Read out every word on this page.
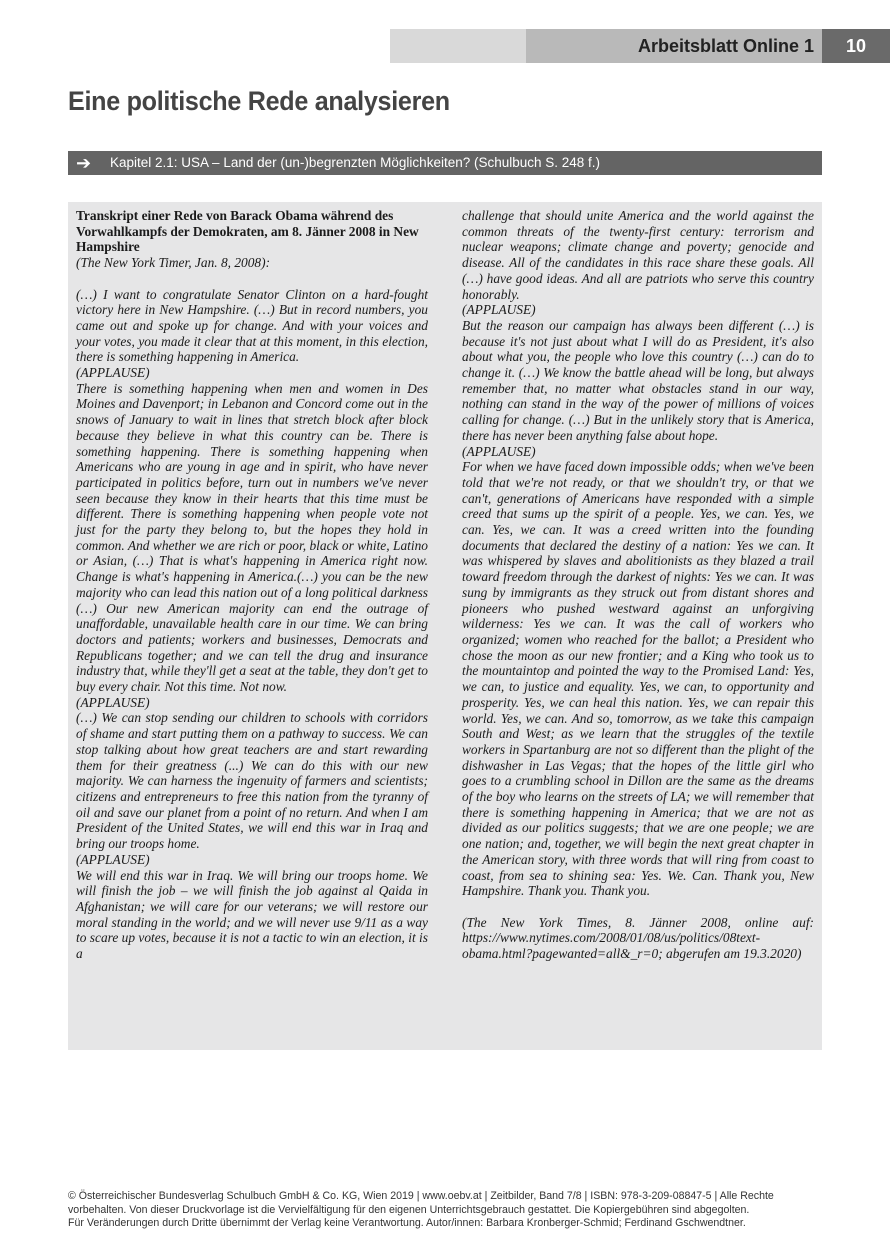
Arbeitsblatt Online 1	10
Eine politische Rede analysieren
➔ Kapitel 2.1: USA – Land der (un-)begrenzten Möglichkeiten? (Schulbuch S. 248 f.)

Transkript einer Rede von Barack Obama während des Vorwahlkampfs der Demokraten, am 8. Jänner 2008 in New Hampshire

(The New York Timer, Jan. 8, 2008):

(…) I want to congratulate Senator Clinton on a hard-fought victory here in New Hampshire. (…) But in record numbers, you came out and spoke up for change. And with your voices and your votes, you made it clear that at this moment, in this election, there is something happening in America.

(APPLAUSE)

There is something happening when men and women in Des Moines and Davenport; in Lebanon and Concord come out in the snows of January to wait in lines that stretch block after block because they believe in what this country can be. There is something happening. There is something happening when Americans who are young in age and in spirit, who have never participated in politics before, turn out in numbers we've never seen because they know in their hearts that this time must be different. There is something happening when people vote not just for the party they belong to, but the hopes they hold in common. And whether we are rich or poor, black or white, Latino or Asian, (…) That is what's happening in America right now. Change is what's happening in America.(…) you can be the new majority who can lead this nation out of a long political darkness (…) Our new American majority can end the outrage of unaffordable, unavailable health care in our time. We can bring doctors and patients; workers and businesses, Democrats and Republicans together; and we can tell the drug and insurance industry that, while they'll get a seat at the table, they don't get to buy every chair. Not this time. Not now.

(APPLAUSE)

(…) We can stop sending our children to schools with corridors of shame and start putting them on a pathway to success. We can stop talking about how great teachers are and start rewarding them for their greatness (...) We can do this with our new majority. We can harness the ingenuity of farmers and scientists; citizens and entrepreneurs to free this nation from the tyranny of oil and save our planet from a point of no return. And when I am President of the United States, we will end this war in Iraq and bring our troops home.

(APPLAUSE)

We will end this war in Iraq. We will bring our troops home. We will finish the job – we will finish the job against al Qaida in Afghanistan; we will care for our veterans; we will restore our moral standing in the world; and we will never use 9/11 as a way to scare up votes, because it is not a tactic to win an election, it is a

challenge that should unite America and the world against the common threats of the twenty-first century: terrorism and nuclear weapons; climate change and poverty; genocide and disease. All of the candidates in this race share these goals. All (…) have good ideas. And all are patriots who serve this country honorably.

(APPLAUSE)

But the reason our campaign has always been different (…) is because it's not just about what I will do as President, it's also about what you, the people who love this country (…) can do to change it. (…) We know the battle ahead will be long, but always remember that, no matter what obstacles stand in our way, nothing can stand in the way of the power of millions of voices calling for change. (…) But in the unlikely story that is America, there has never been anything false about hope.

(APPLAUSE)

For when we have faced down impossible odds; when we've been told that we're not ready, or that we shouldn't try, or that we can't, generations of Americans have responded with a simple creed that sums up the spirit of a people. Yes, we can. Yes, we can. Yes, we can. It was a creed written into the founding documents that declared the destiny of a nation: Yes we can. It was whispered by slaves and abolitionists as they blazed a trail toward freedom through the darkest of nights: Yes we can. It was sung by immigrants as they struck out from distant shores and pioneers who pushed westward against an unforgiving wilderness: Yes we can. It was the call of workers who organized; women who reached for the ballot; a President who chose the moon as our new frontier; and a King who took us to the mountaintop and pointed the way to the Promised Land: Yes, we can, to justice and equality. Yes, we can, to opportunity and prosperity. Yes, we can heal this nation. Yes, we can repair this world. Yes, we can. And so, tomorrow, as we take this campaign South and West; as we learn that the struggles of the textile workers in Spartanburg are not so different than the plight of the dishwasher in Las Vegas; that the hopes of the little girl who goes to a crumbling school in Dillon are the same as the dreams of the boy who learns on the streets of LA; we will remember that there is something happening in America; that we are not as divided as our politics suggests; that we are one people; we are one nation; and, together, we will begin the next great chapter in the American story, with three words that will ring from coast to coast, from sea to shining sea: Yes. We. Can. Thank you, New Hampshire. Thank you. Thank you.

(The New York Times, 8. Jänner 2008, online auf: https://www.nytimes.com/2008/01/08/us/politics/08text-obama.html?pagewanted=all&_r=0; abgerufen am 19.3.2020)

© Österreichischer Bundesverlag Schulbuch GmbH & Co. KG, Wien 2019 | www.oebv.at | Zeitbilder, Band 7/8 | ISBN: 978-3-209-08847-5 | Alle Rechte
vorbehalten. Von dieser Druckvorlage ist die Vervielfältigung für den eigenen Unterrichtsgebrauch gestattet. Die Kopiergebühren sind abgegolten.
Für Veränderungen durch Dritte übernimmt der Verlag keine Verantwortung. Autor/innen: Barbara Kronberger-Schmid; Ferdinand Gschwendtner.
